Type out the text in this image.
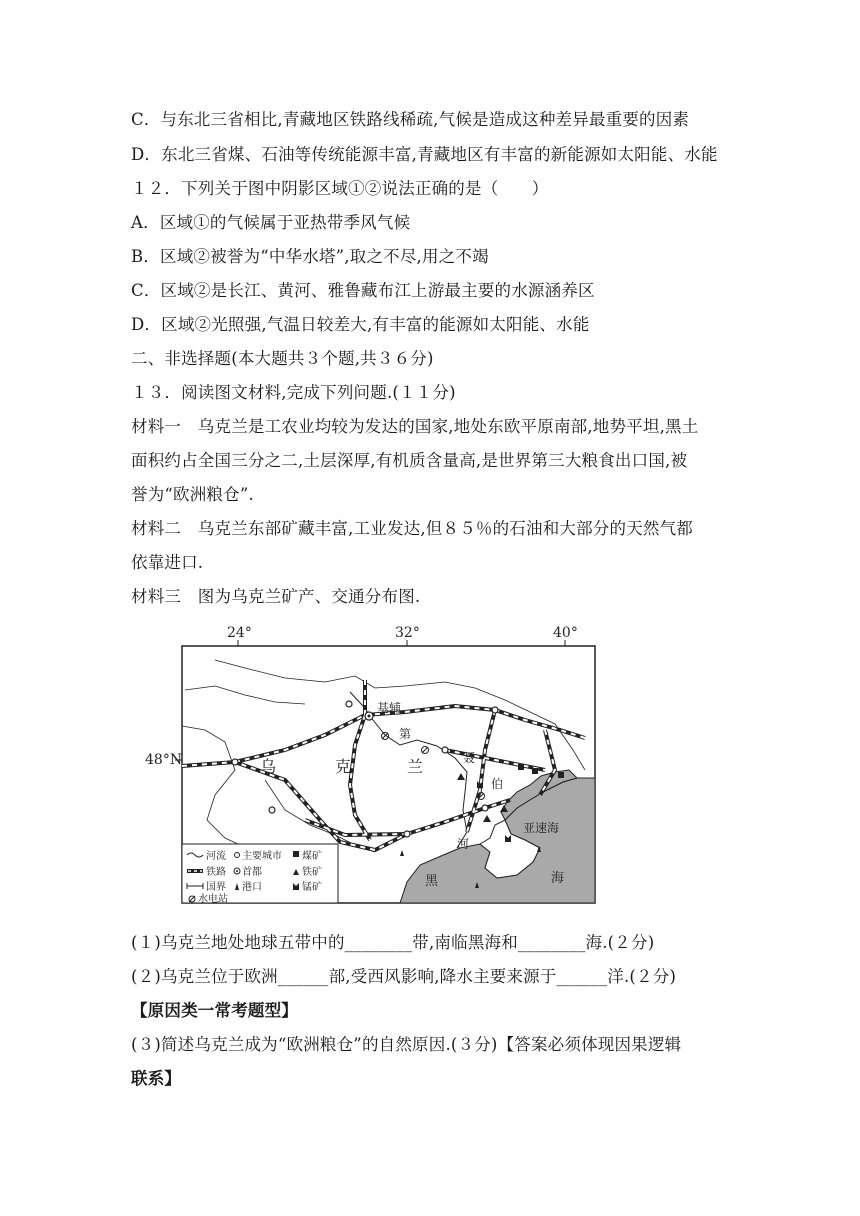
C．与东北三省相比,青藏地区铁路线稀疏,气候是造成这种差异最重要的因素
D．东北三省煤、石油等传统能源丰富,青藏地区有丰富的新能源如太阳能、水能
１２．下列关于图中阴影区域①②说法正确的是（　　）
A．区域①的气候属于亚热带季风气候
B．区域②被誉为“中华水塔”,取之不尽,用之不竭
C．区域②是长江、黄河、雅鲁藏布江上游最主要的水源涵养区
D．区域②光照强,气温日较差大,有丰富的能源如太阳能、水能
二、非选择题(本大题共３个题,共３６分)
１３．阅读图文材料,完成下列问题.(１１分)
材料一　乌克兰是工农业均较为发达的国家,地处东欧平原南部,地势平坦,黑土
面积约占全国三分之二,土层深厚,有机质含量高,是世界第三大粮食出口国,被
誉为“欧洲粮仓”.
材料二　乌克兰东部矿藏丰富,工业发达,但８５％的石油和大部分的天然气都
依靠进口.
材料三　图为乌克兰矿产、交通分布图.
24°	32°	40°
48°N
基辅
第
聂
伯
河
乌	克	兰
亚速海
黑	海
河流 主要城市 煤矿
铁路 首都	铁矿
国界 港口	锰矿
水电站
(１)乌克兰地处地球五带中的________带,南临黑海和________海.(２分)
(２)乌克兰位于欧洲______部,受西风影响,降水主要来源于______洋.(２分)
【原因类一常考题型】
(３)简述乌克兰成为“欧洲粮仓”的自然原因.(３分)【答案必须体现因果逻辑
联系】
